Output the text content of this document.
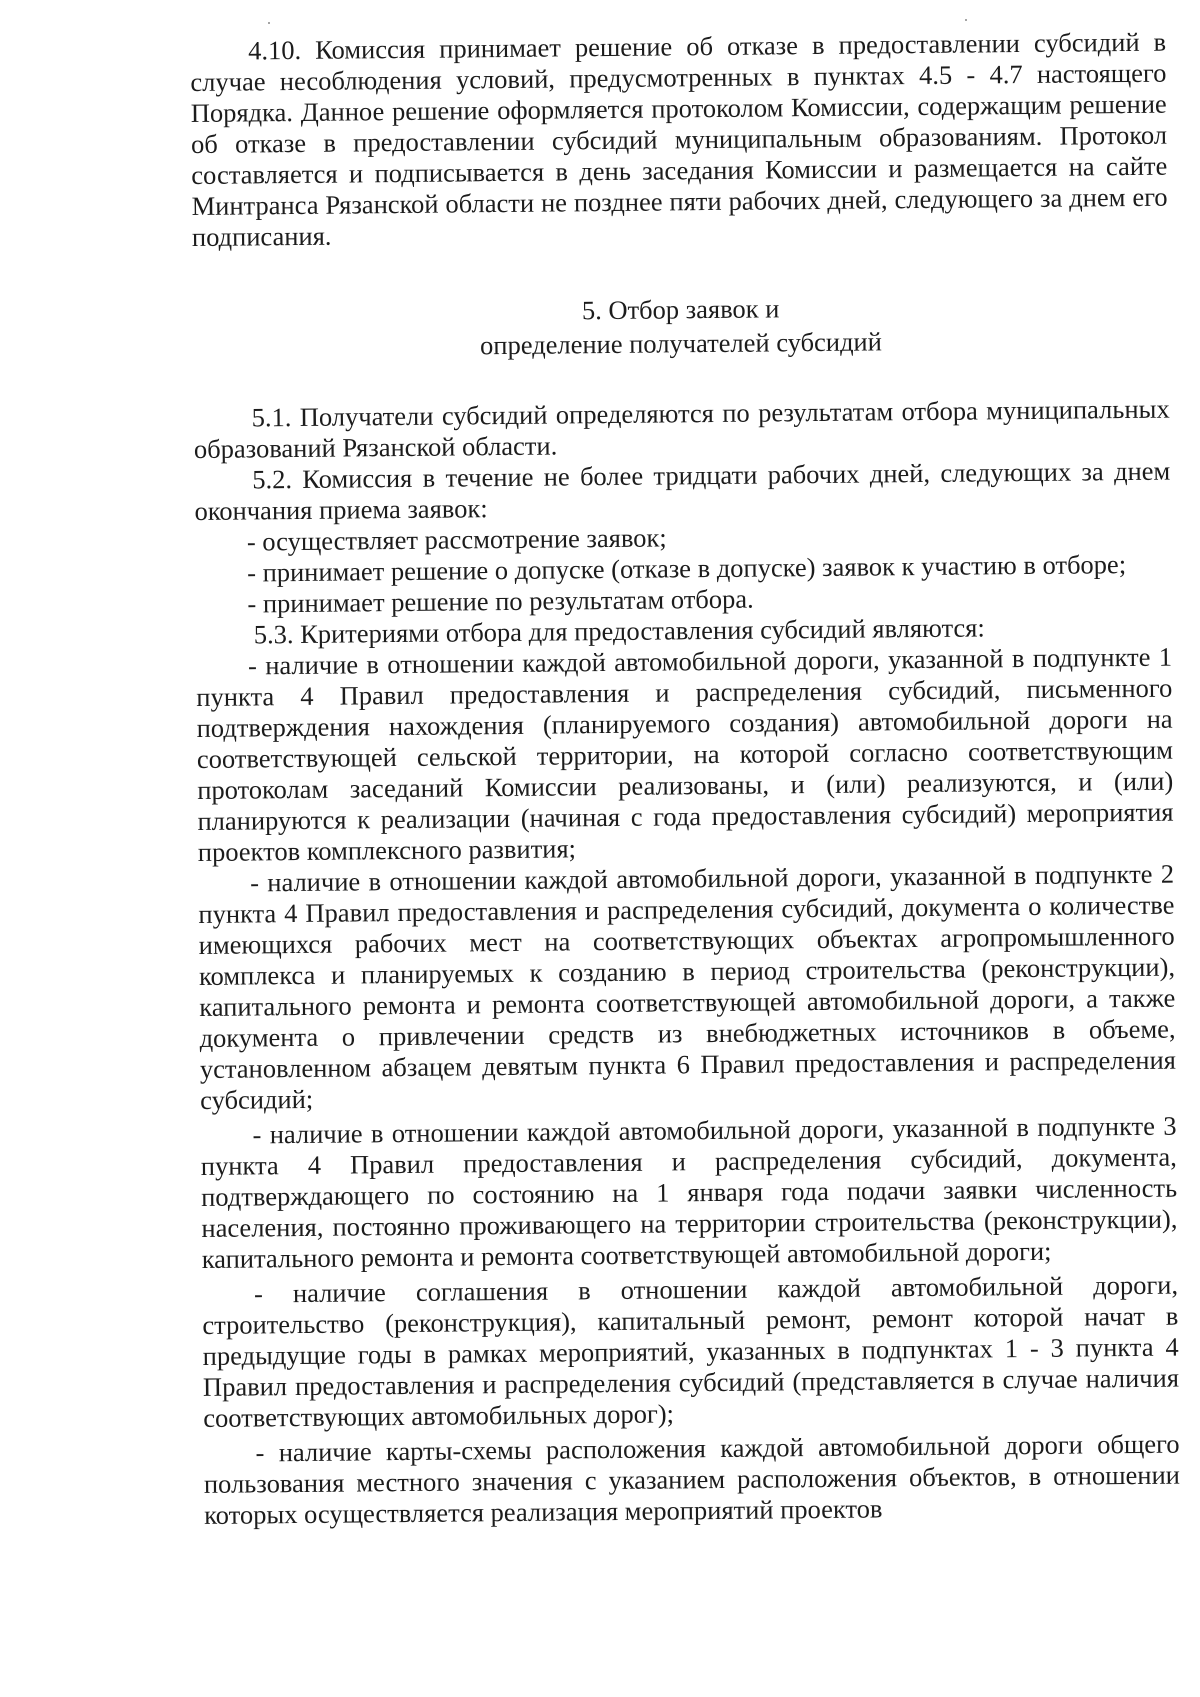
4.10. Комиссия принимает решение об отказе в предоставлении субсидий в случае несоблюдения условий, предусмотренных в пунктах 4.5 - 4.7 настоящего Порядка. Данное решение оформляется протоколом Комиссии, содержащим решение об отказе в предоставлении субсидий муниципальным образованиям. Протокол составляется и подписывается в день заседания Комиссии и размещается на сайте Минтранса Рязанской области не позднее пяти рабочих дней, следующего за днем его подписания.

5. Отбор заявок и
определение получателей субсидий

5.1. Получатели субсидий определяются по результатам отбора муниципальных образований Рязанской области.

5.2. Комиссия в течение не более тридцати рабочих дней, следующих за днем окончания приема заявок:

- осуществляет рассмотрение заявок;

- принимает решение о допуске (отказе в допуске) заявок к участию в отборе;

- принимает решение по результатам отбора.

5.3. Критериями отбора для предоставления субсидий являются:

- наличие в отношении каждой автомобильной дороги, указанной в подпункте 1 пункта 4 Правил предоставления и распределения субсидий, письменного подтверждения нахождения (планируемого создания) автомобильной дороги на соответствующей сельской территории, на которой согласно соответствующим протоколам заседаний Комиссии реализованы, и (или) реализуются, и (или) планируются к реализации (начиная с года предоставления субсидий) мероприятия проектов комплексного развития;

- наличие в отношении каждой автомобильной дороги, указанной в подпункте 2 пункта 4 Правил предоставления и распределения субсидий, документа о количестве имеющихся рабочих мест на соответствующих объектах агропромышленного комплекса и планируемых к созданию в период строительства (реконструкции), капитального ремонта и ремонта соответствующей автомобильной дороги, а также документа о привлечении средств из внебюджетных источников в объеме, установленном абзацем девятым пункта 6 Правил предоставления и распределения субсидий;

- наличие в отношении каждой автомобильной дороги, указанной в подпункте 3 пункта 4 Правил предоставления и распределения субсидий, документа, подтверждающего по состоянию на 1 января года подачи заявки численность населения, постоянно проживающего на территории строительства (реконструкции), капитального ремонта и ремонта соответствующей автомобильной дороги;

- наличие соглашения в отношении каждой автомобильной дороги, строительство (реконструкция), капитальный ремонт, ремонт которой начат в предыдущие годы в рамках мероприятий, указанных в подпунктах 1 - 3 пункта 4 Правил предоставления и распределения субсидий (представляется в случае наличия соответствующих автомобильных дорог);

- наличие карты-схемы расположения каждой автомобильной дороги общего пользования местного значения с указанием расположения объектов, в отношении которых осуществляется реализация мероприятий проектов
